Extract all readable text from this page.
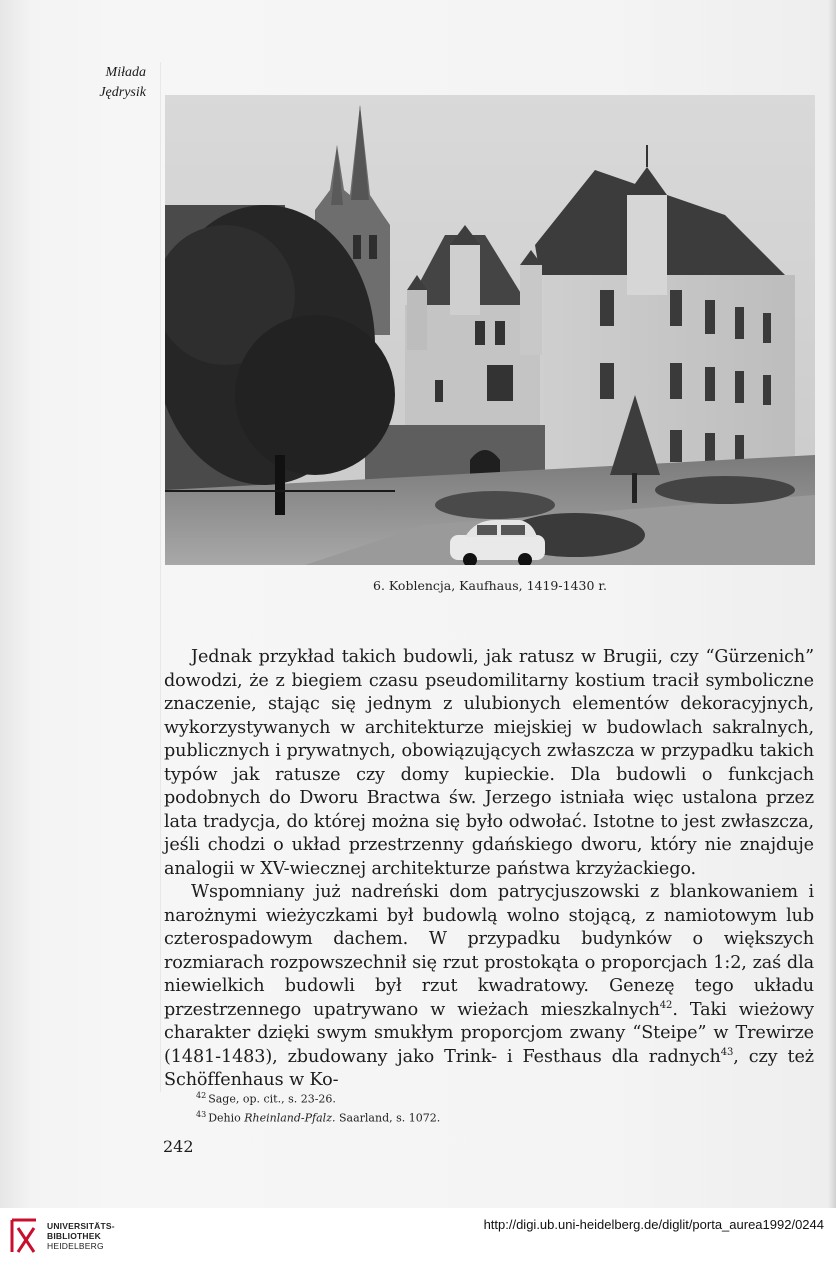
Miłada
Jędrysik
6. Koblencja, Kaufhaus, 1419-1430 r.

Jednak przykład takich budowli, jak ratusz w Brugii, czy “Gürzenich” dowodzi, że z biegiem czasu pseudomilitarny kostium tracił symboliczne znaczenie, stając się jednym z ulubionych elementów dekoracyjnych, wykorzystywanych w architekturze miejskiej w budowlach sakralnych, publicznych i prywatnych, obowiązujących zwłaszcza w przypadku takich typów jak ratusze czy domy kupieckie. Dla budowli o funkcjach podobnych do Dworu Bractwa św. Jerzego istniała więc ustalona przez lata tradycja, do której można się było odwołać. Istotne to jest zwłaszcza, jeśli chodzi o układ przestrzenny gdańskiego dworu, który nie znajduje analogii w XV-wiecznej architekturze państwa krzyżackiego.

Wspomniany już nadreński dom patrycjuszowski z blankowaniem i narożnymi wieżyczkami był budowlą wolno stojącą, z namiotowym lub czterospadowym dachem. W przypadku budynków o większych rozmiarach rozpowszechnił się rzut prostokąta o proporcjach 1:2, zaś dla niewielkich budowli był rzut kwadratowy. Genezę tego układu przestrzennego upatrywano w wieżach mieszkalnych$^{42}$. Taki wieżowy charakter dzięki swym smukłym proporcjom zwany “Steipe” w Trewirze (1481-1483), zbudowany jako Trink- i Festhaus dla radnych$^{43}$, czy też Schöffenhaus w Ko-

$^{42}$ Sage, op. cit., s. 23-26.
$^{43}$ Dehio Rheinland-Pfalz. Saarland, s. 1072.
242
UNIVERSITÄTS-
BIBLIOTHEK
HEIDELBERG
http://digi.ub.uni-heidelberg.de/diglit/porta_aurea1992/0244
